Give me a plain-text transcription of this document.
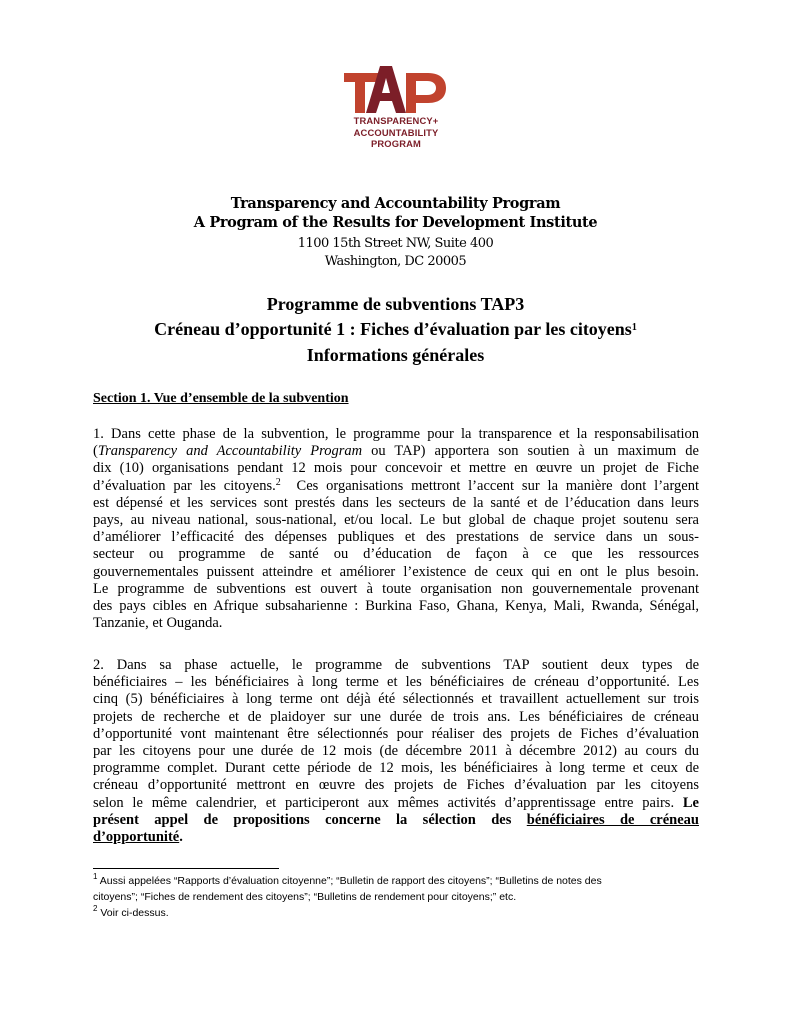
TRANSPARENCY+
ACCOUNTABILITY
PROGRAM
Transparency and Accountability Program
A Program of the Results for Development Institute
1100 15th Street NW, Suite 400
Washington, DC 20005
Programme de subventions TAP3
Créneau d’opportunité 1 : Fiches d’évaluation par les citoyens$^1$
Informations générales
Section 1. Vue d’ensemble de la subvention
1. Dans cette phase de la subvention, le programme pour la transparence et la responsabilisation
(Transparency and Accountability Program ou TAP) apportera son soutien à un maximum de
dix (10) organisations pendant 12 mois pour concevoir et mettre en œuvre un projet de Fiche
d’évaluation par les citoyens.$^2$  Ces organisations mettront l’accent sur la manière dont l’argent
est dépensé et les services sont prestés dans les secteurs de la santé et de l’éducation dans leurs
pays, au niveau national, sous-national, et/ou local. Le but global de chaque projet soutenu sera
d’améliorer l’efficacité des dépenses publiques et des prestations de service dans un sous-
secteur ou programme de santé ou d’éducation de façon à ce que les ressources
gouvernementales puissent atteindre et améliorer l’existence de ceux qui en ont le plus besoin.
Le programme de subventions est ouvert à toute organisation non gouvernementale provenant
des pays cibles en Afrique subsaharienne : Burkina Faso, Ghana, Kenya, Mali, Rwanda, Sénégal,
Tanzanie, et Ouganda.
2. Dans sa phase actuelle, le programme de subventions TAP soutient deux types de
bénéficiaires – les bénéficiaires à long terme et les bénéficiaires de créneau d’opportunité. Les
cinq (5) bénéficiaires à long terme ont déjà été sélectionnés et travaillent actuellement sur trois
projets de recherche et de plaidoyer sur une durée de trois ans. Les bénéficiaires de créneau
d’opportunité vont maintenant être sélectionnés pour réaliser des projets de Fiches d’évaluation
par les citoyens pour une durée de 12 mois (de décembre 2011 à décembre 2012) au cours du
programme complet. Durant cette période de 12 mois, les bénéficiaires à long terme et ceux de
créneau d’opportunité mettront en œuvre des projets de Fiches d’évaluation par les citoyens
selon le même calendrier, et participeront aux mêmes activités d’apprentissage entre pairs. Le
présent appel de propositions concerne la sélection des bénéficiaires de créneau
d’opportunité.
$^1$ Aussi appelées “Rapports d’évaluation citoyenne”; “Bulletin de rapport des citoyens”; “Bulletins de notes des
citoyens”; “Fiches de rendement des citoyens”; “Bulletins de rendement pour citoyens;” etc.
$^2$ Voir ci-dessus.
